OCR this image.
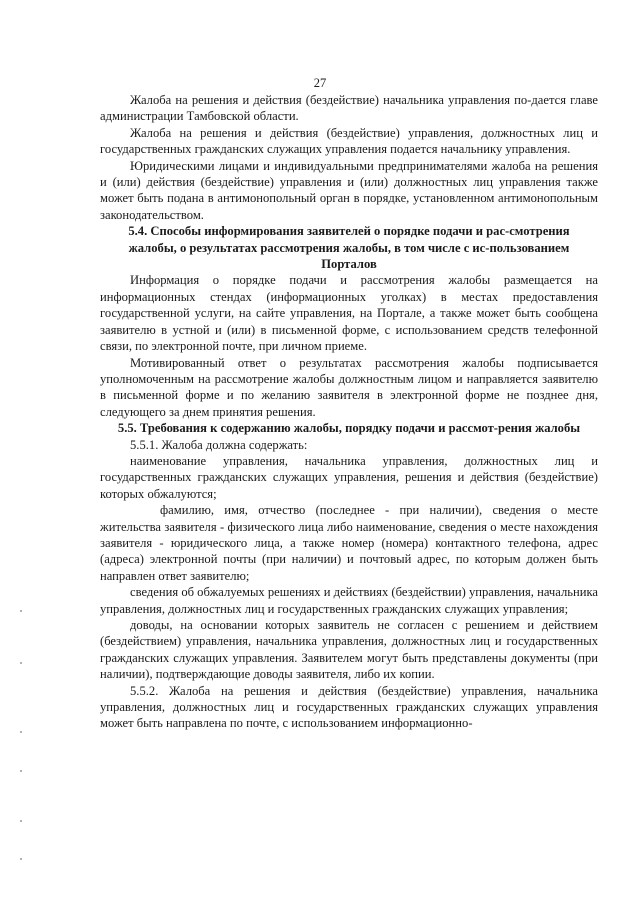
27

Жалоба на решения и действия (бездействие) начальника управления по-дается главе администрации Тамбовской области.

Жалоба на решения и действия (бездействие) управления, должностных лиц и государственных гражданских служащих управления подается начальнику управления.

Юридическими лицами и индивидуальными предпринимателями жалоба на решения и (или) действия (бездействие) управления и (или) должностных лиц управления также может быть подана в антимонопольный орган в порядке, установленном антимонопольным законодательством.

5.4. Способы информирования заявителей о порядке подачи и рас-смотрения жалобы, о результатах рассмотрения жалобы, в том числе с ис-пользованием Порталов

Информация о порядке подачи и рассмотрения жалобы размещается на информационных стендах (информационных уголках) в местах предоставления государственной услуги, на сайте управления, на Портале, а также может быть сообщена заявителю в устной и (или) в письменной форме, с использованием средств телефонной связи, по электронной почте, при личном приеме.

Мотивированный ответ о результатах рассмотрения жалобы подписывается уполномоченным на рассмотрение жалобы должностным лицом и направляется заявителю в письменной форме и по желанию заявителя в электронной форме не позднее дня, следующего за днем принятия решения.

5.5. Требования к содержанию жалобы, порядку подачи и рассмот-рения жалобы

5.5.1. Жалоба должна содержать:

наименование управления, начальника управления, должностных лиц и государственных гражданских служащих управления, решения и действия (бездействие) которых обжалуются;

фамилию, имя, отчество (последнее - при наличии), сведения о месте жительства заявителя - физического лица либо наименование, сведения о месте нахождения заявителя - юридического лица, а также номер (номера) контактного телефона, адрес (адреса) электронной почты (при наличии) и почтовый адрес, по которым должен быть направлен ответ заявителю;

сведения об обжалуемых решениях и действиях (бездействии) управления, начальника управления, должностных лиц и государственных гражданских служащих управления;

доводы, на основании которых заявитель не согласен с решением и действием (бездействием) управления, начальника управления, должностных лиц и государственных гражданских служащих управления. Заявителем могут быть представлены документы (при наличии), подтверждающие доводы заявителя, либо их копии.

5.5.2. Жалоба на решения и действия (бездействие) управления, начальника управления, должностных лиц и государственных гражданских служащих управления может быть направлена по почте, с использованием информационно-
